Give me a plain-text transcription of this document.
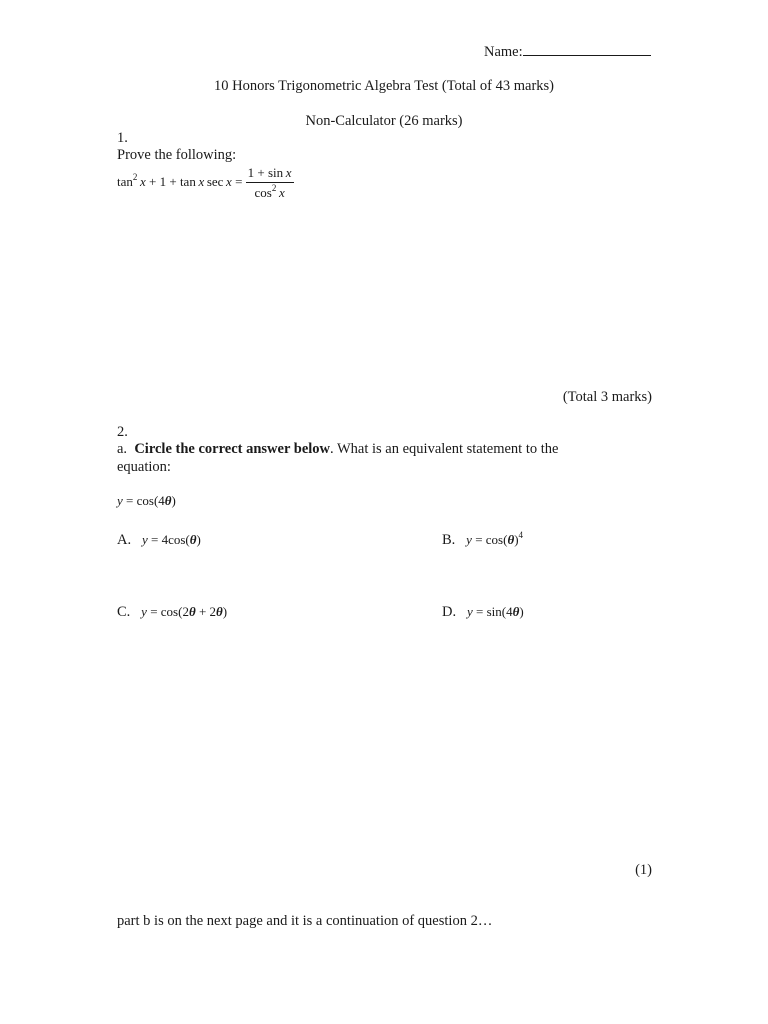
Name:
10 Honors Trigonometric Algebra Test (Total of 43 marks)
Non-Calculator (26 marks)
1.
Prove the following:
$\tan^2 x + 1 + \tan x$ $\sec x = \frac{\text{1 + sin x}}{\cos^2 x}$
(Total 3 marks)
2.
a. Circle the correct answer below. What is an equivalent statement to the
equation:
y = cos(4θ)
A. y = 4cos(θ)	B. $y = \cos(\theta)^4$
C. y = cos(2θ + 2θ)	D. y = sin(4θ)
(1)
part b is on the next page and it is a continuation of question 2…
